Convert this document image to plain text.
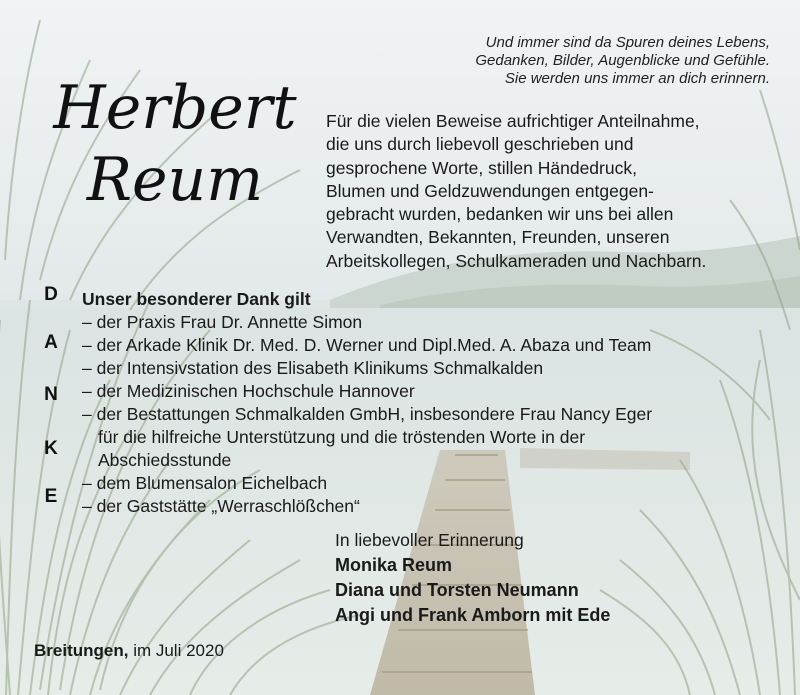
Und immer sind da Spuren deines Lebens,
Gedanken, Bilder, Augenblicke und Gefühle.
Sie werden uns immer an dich erinnern.
Herbert
Reum
Für die vielen Beweise aufrichtiger Anteilnahme,
die uns durch liebevoll geschrieben und
gesprochene Worte, stillen Händedruck,
Blumen und Geldzuwendungen entgegen-
gebracht wurden, bedanken wir uns bei allen
Verwandten, Bekannten, Freunden, unseren
Arbeitskollegen, Schulkameraden und Nachbarn.
D
A
N
K
E
Unser besonderer Dank gilt
– der Praxis Frau Dr. Annette Simon
– der Arkade Klinik Dr. Med. D. Werner und Dipl.Med. A. Abaza und Team
– der Intensivstation des Elisabeth Klinikums Schmalkalden
– der Medizinischen Hochschule Hannover
– der Bestattungen Schmalkalden GmbH, insbesondere Frau Nancy Eger
für die hilfreiche Unterstützung und die tröstenden Worte in der
Abschiedsstunde
– dem Blumensalon Eichelbach
– der Gaststätte „Werraschlößchen“
In liebevoller Erinnerung
Monika Reum
Diana und Torsten Neumann
Angi und Frank Amborn mit Ede
Breitungen, im Juli 2020
